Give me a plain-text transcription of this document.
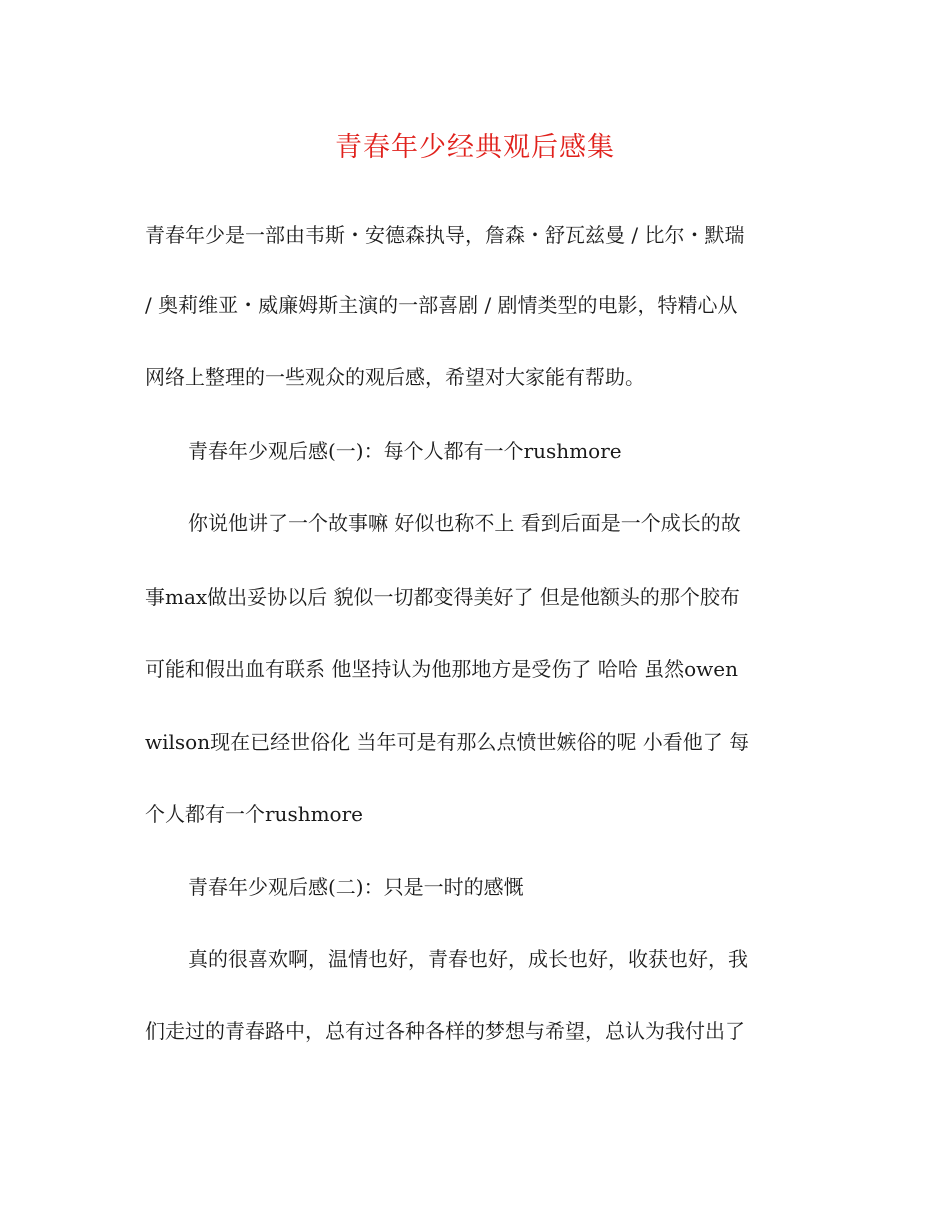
青春年少经典观后感集
青春年少是一部由韦斯・安德森执导，詹森・舒瓦兹曼 / 比尔・默瑞
/ 奥莉维亚・威廉姆斯主演的一部喜剧 / 剧情类型的电影，特精心从
网络上整理的一些观众的观后感，希望对大家能有帮助。
青春年少观后感(一)：每个人都有一个rushmore
你说他讲了一个故事嘛 好似也称不上 看到后面是一个成长的故
事max做出妥协以后 貌似一切都变得美好了 但是他额头的那个胶布
可能和假出血有联系 他坚持认为他那地方是受伤了 哈哈 虽然owen
wilson现在已经世俗化 当年可是有那么点愤世嫉俗的呢 小看他了 每
个人都有一个rushmore
青春年少观后感(二)：只是一时的感慨
真的很喜欢啊，温情也好，青春也好，成长也好，收获也好，我
们走过的青春路中，总有过各种各样的梦想与希望，总认为我付出了
